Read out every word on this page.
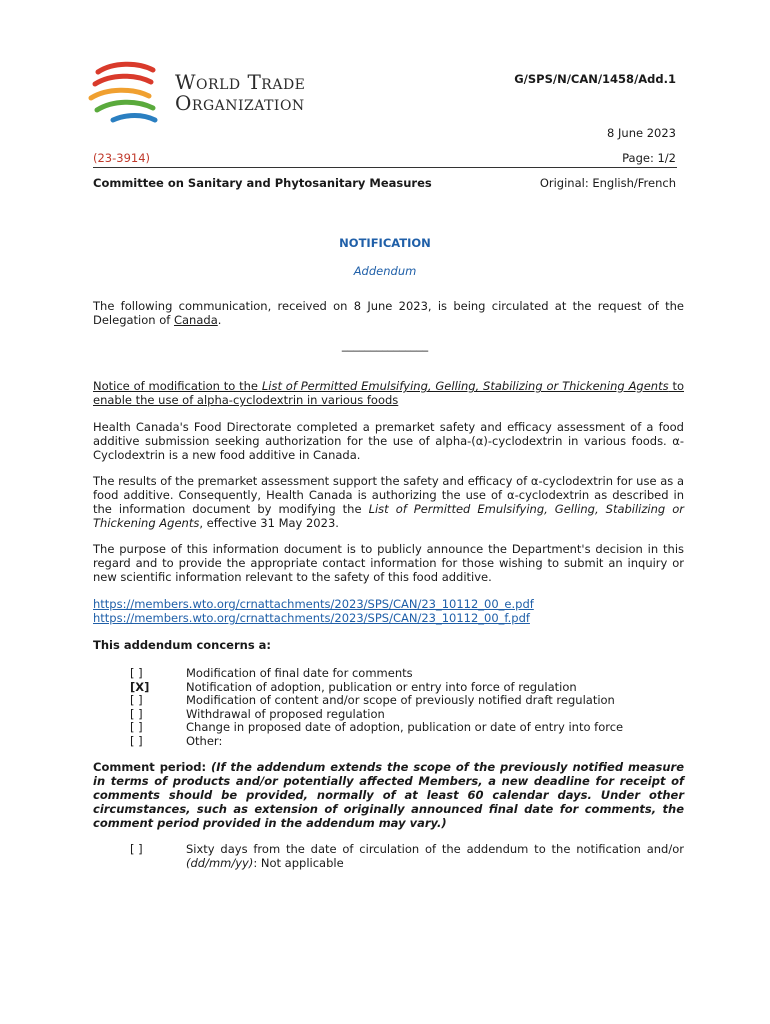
World Trade
Organization
G/SPS/N/CAN/1458/Add.1
8 June 2023
(23-3914)	Page: 1/2
Committee on Sanitary and Phytosanitary Measures	Original: English/French
NOTIFICATION
Addendum

The following communication, received on 8 June 2023, is being circulated at the request of the Delegation of Canada.

_______________

Notice of modification to the List of Permitted Emulsifying, Gelling, Stabilizing or Thickening Agents to enable the use of alpha-cyclodextrin in various foods

Health Canada's Food Directorate completed a premarket safety and efficacy assessment of a food additive submission seeking authorization for the use of alpha-(α)-cyclodextrin in various foods. α-Cyclodextrin is a new food additive in Canada.

The results of the premarket assessment support the safety and efficacy of α-cyclodextrin for use as a food additive. Consequently, Health Canada is authorizing the use of α-cyclodextrin as described in the information document by modifying the List of Permitted Emulsifying, Gelling, Stabilizing or Thickening Agents, effective 31 May 2023.

The purpose of this information document is to publicly announce the Department's decision in this regard and to provide the appropriate contact information for those wishing to submit an inquiry or new scientific information relevant to the safety of this food additive.

https://members.wto.org/crnattachments/2023/SPS/CAN/23_10112_00_e.pdf
https://members.wto.org/crnattachments/2023/SPS/CAN/23_10112_00_f.pdf
This addendum concerns a:
[ ]	Modification of final date for comments
[X]	Notification of adoption, publication or entry into force of regulation
[ ]	Modification of content and/or scope of previously notified draft regulation
[ ]	Withdrawal of proposed regulation
[ ]	Change in proposed date of adoption, publication or date of entry into force
[ ]	Other:

Comment period: (If the addendum extends the scope of the previously notified measure in terms of products and/or potentially affected Members, a new deadline for receipt of comments should be provided, normally of at least 60 calendar days. Under other circumstances, such as extension of originally announced final date for comments, the comment period provided in the addendum may vary.)

[ ]	Sixty days from the date of circulation of the addendum to the notification and/or (dd/mm/yy): Not applicable
